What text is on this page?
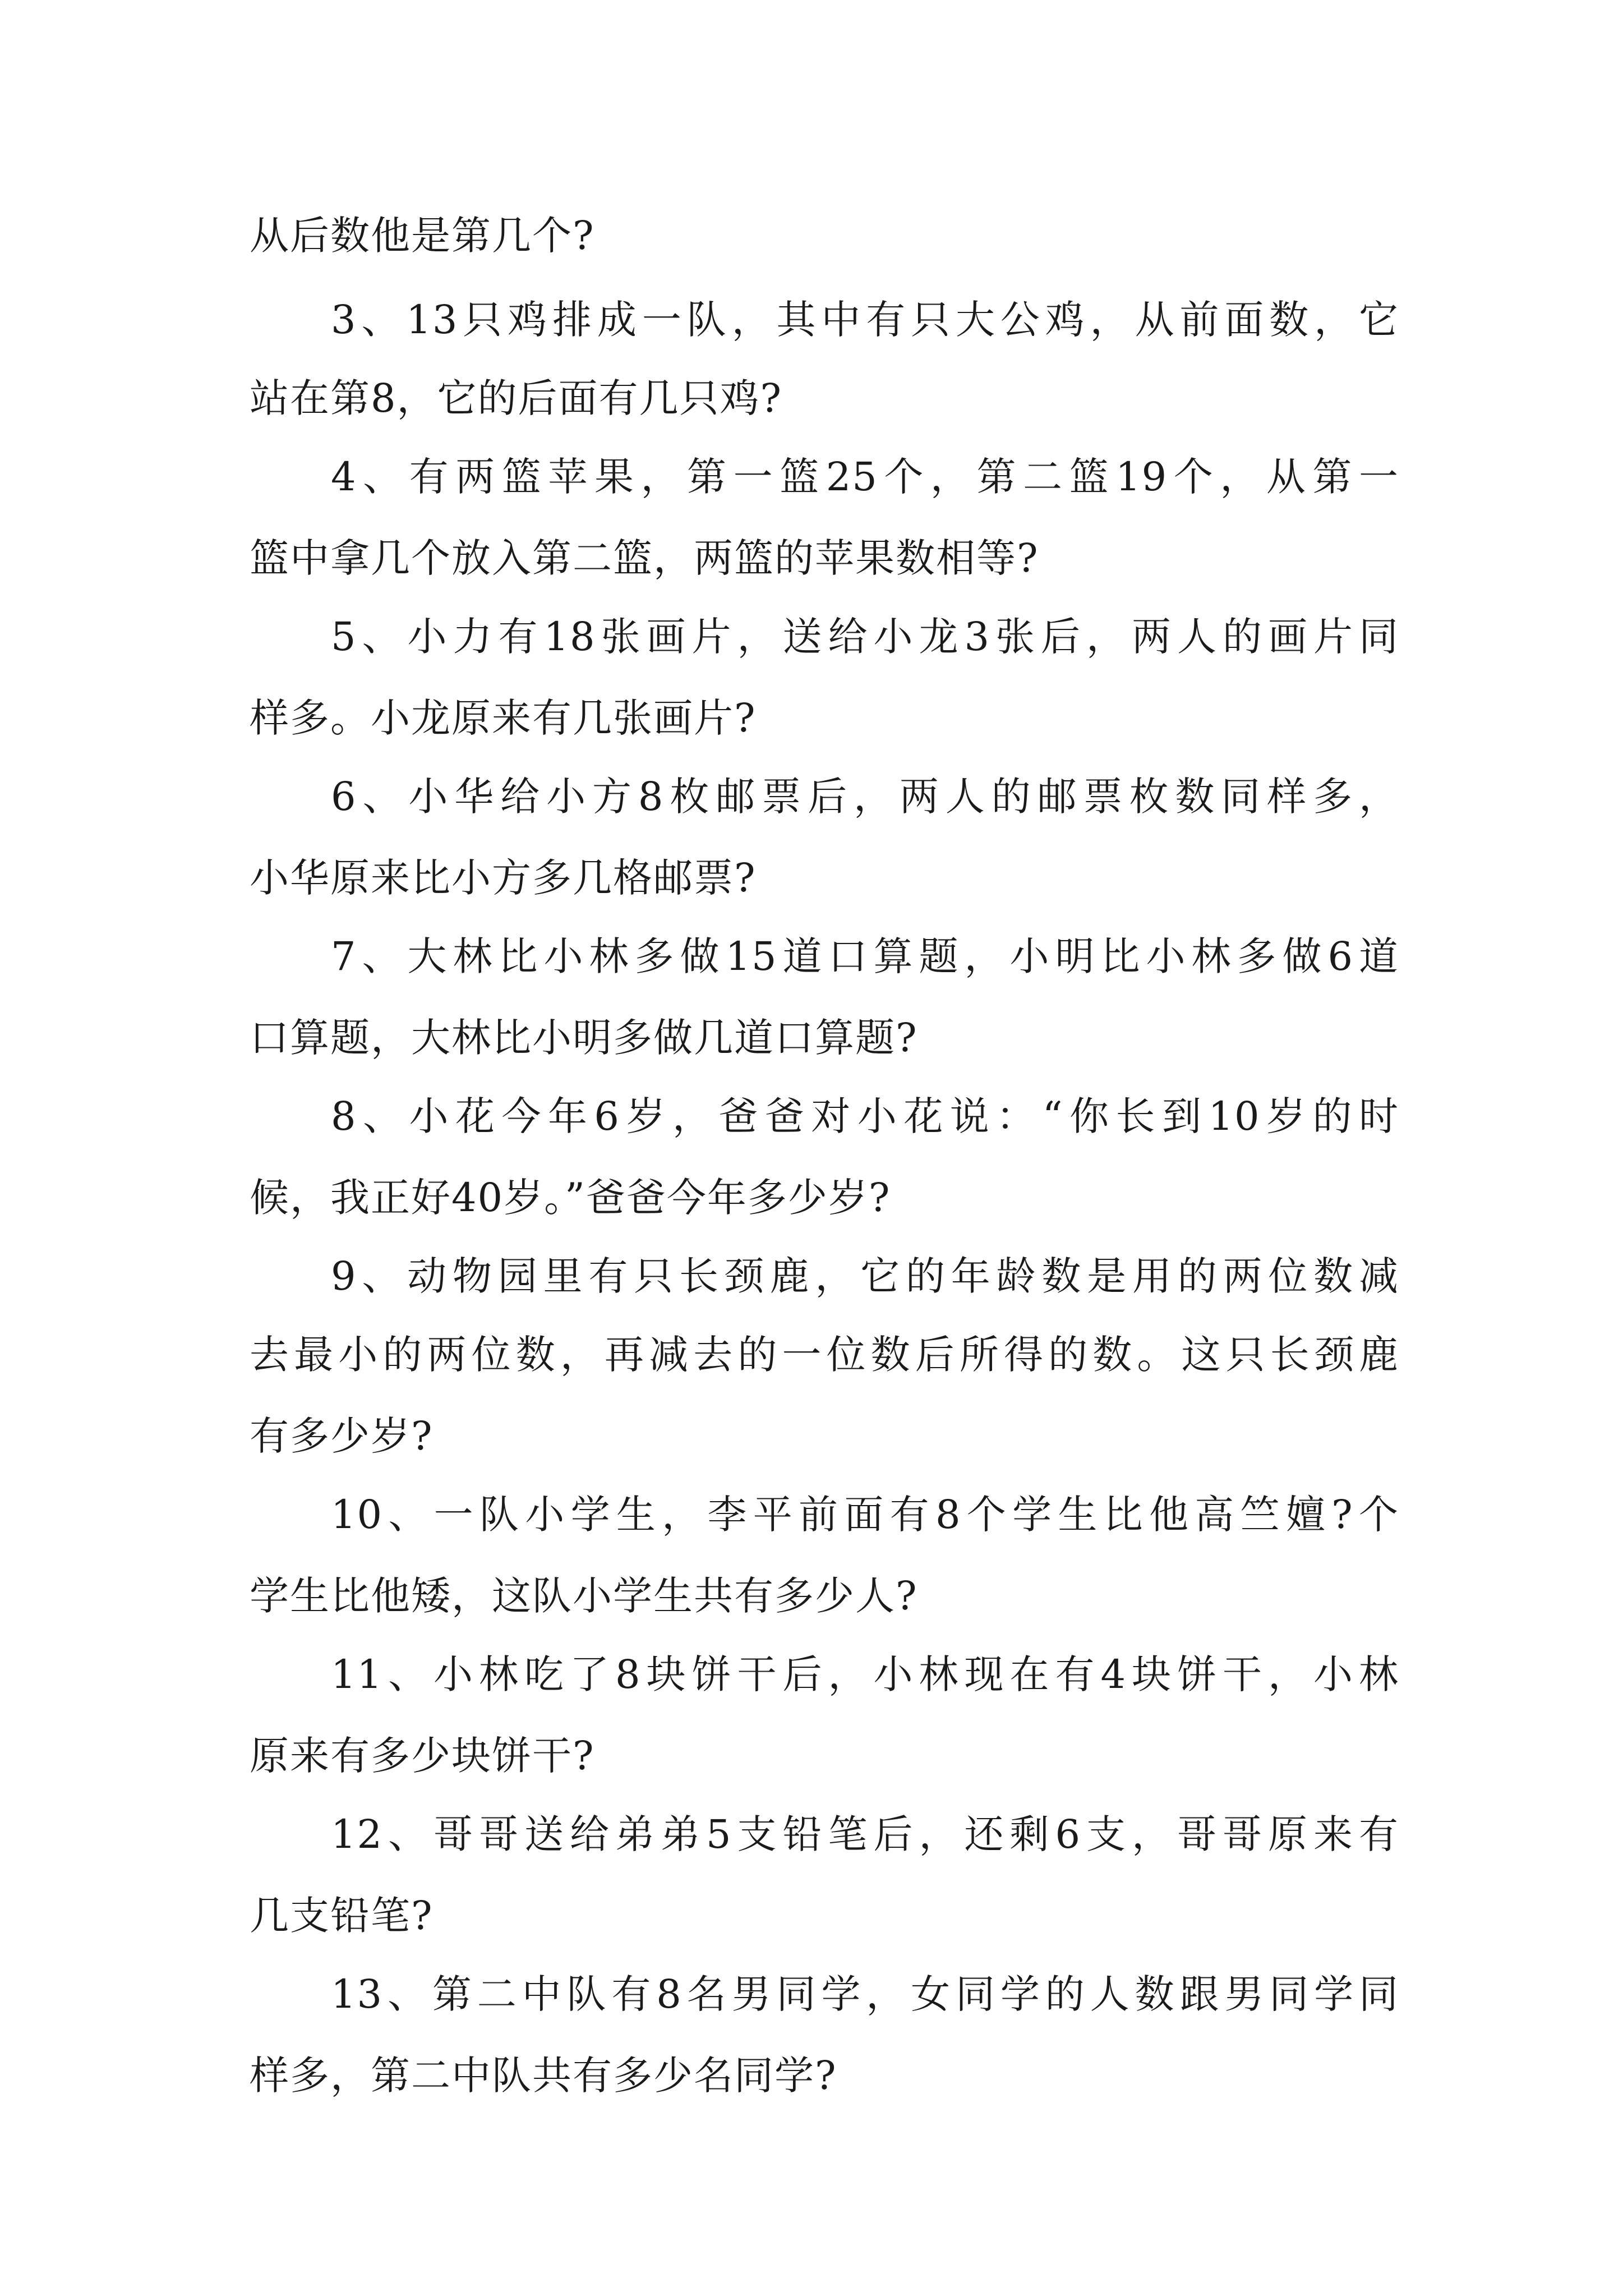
从后数他是第几个?
3、13只鸡排成一队，其中有只大公鸡，从前面数，它
站在第8，它的后面有几只鸡?
4、有两篮苹果，第一篮25个，第二篮19个，从第一
篮中拿几个放入第二篮，两篮的苹果数相等?
5、小力有18张画片，送给小龙3张后，两人的画片同
样多。小龙原来有几张画片?
6、小华给小方8枚邮票后，两人的邮票枚数同样多，
小华原来比小方多几格邮票?
7、大林比小林多做15道口算题，小明比小林多做6道
口算题，大林比小明多做几道口算题?
8、小花今年6岁，爸爸对小花说：“你长到10岁的时
候，我正好40岁。”爸爸今年多少岁?
9、动物园里有只长颈鹿，它的年龄数是用的两位数减
去最小的两位数，再减去的一位数后所得的数。这只长颈鹿
有多少岁?
10、一队小学生，李平前面有8个学生比他高竺嬗?个
学生比他矮，这队小学生共有多少人?
11、小林吃了8块饼干后，小林现在有4块饼干，小林
原来有多少块饼干?
12、哥哥送给弟弟5支铅笔后，还剩6支，哥哥原来有
几支铅笔?
13、第二中队有8名男同学，女同学的人数跟男同学同
样多，第二中队共有多少名同学?
